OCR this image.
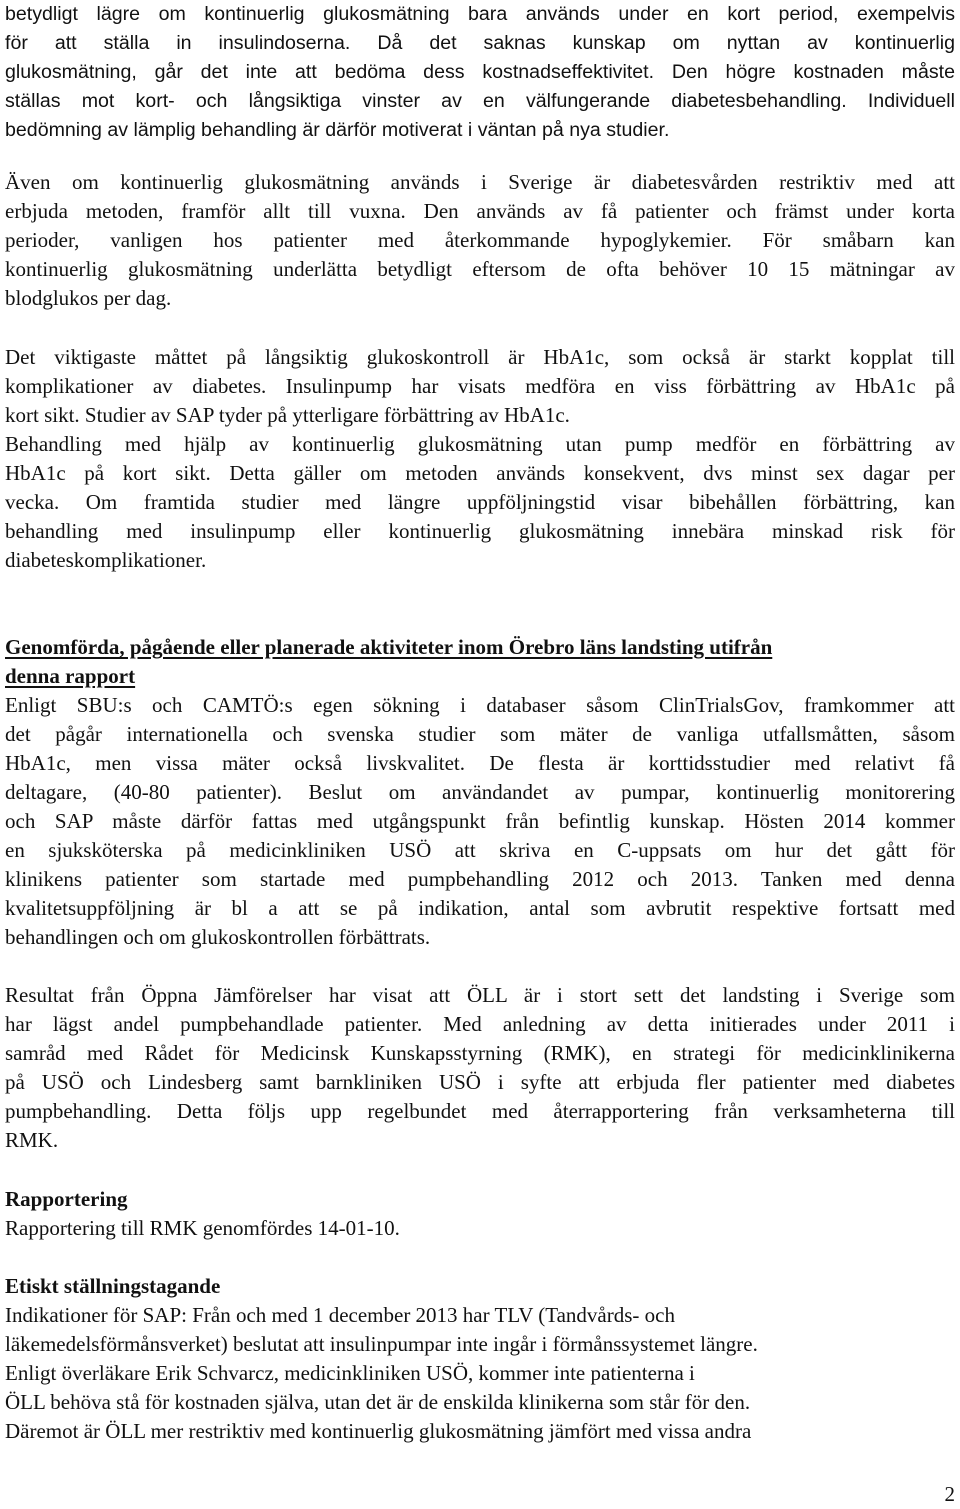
betydligt lägre om kontinuerlig glukosmätning bara används under en kort period, exempelvis
för att ställa in insulindoserna. Då det saknas kunskap om nyttan av kontinuerlig
glukosmätning, går det inte att bedöma dess kostnadseffektivitet. Den högre kostnaden måste
ställas mot kort- och långsiktiga vinster av en välfungerande diabetesbehandling. Individuell
bedömning av lämplig behandling är därför motiverat i väntan på nya studier.
Även om kontinuerlig glukosmätning används i Sverige är diabetesvården restriktiv med att
erbjuda metoden, framför allt till vuxna. Den används av få patienter och främst under korta
perioder, vanligen hos patienter med återkommande hypoglykemier. För småbarn kan
kontinuerlig glukosmätning underlätta betydligt eftersom de ofta behöver 10 15 mätningar av
blodglukos per dag.
Det viktigaste måttet på långsiktig glukoskontroll är HbA1c, som också är starkt kopplat till
komplikationer av diabetes. Insulinpump har visats medföra en viss förbättring av HbA1c på
kort sikt. Studier av SAP tyder på ytterligare förbättring av HbA1c.
Behandling med hjälp av kontinuerlig glukosmätning utan pump medför en förbättring av
HbA1c på kort sikt. Detta gäller om metoden används konsekvent, dvs minst sex dagar per
vecka. Om framtida studier med längre uppföljningstid visar bibehållen förbättring, kan
behandling med insulinpump eller kontinuerlig glukosmätning innebära minskad risk för
diabeteskomplikationer.
Genomförda, pågående eller planerade aktiviteter inom Örebro läns landsting utifrån
denna rapport
Enligt SBU:s och CAMTÖ:s egen sökning i databaser såsom ClinTrialsGov, framkommer att
det pågår internationella och svenska studier som mäter de vanliga utfallsmåtten, såsom
HbA1c, men vissa mäter också livskvalitet. De flesta är korttidsstudier med relativt få
deltagare, (40-80 patienter). Beslut om användandet av pumpar, kontinuerlig monitorering
och SAP måste därför fattas med utgångspunkt från befintlig kunskap. Hösten 2014 kommer
en sjuksköterska på medicinkliniken USÖ att skriva en C-uppsats om hur det gått för
klinikens patienter som startade med pumpbehandling 2012 och 2013. Tanken med denna
kvalitetsuppföljning är bl a att se på indikation, antal som avbrutit respektive fortsatt med
behandlingen och om glukoskontrollen förbättrats.
Resultat från Öppna Jämförelser har visat att ÖLL är i stort sett det landsting i Sverige som
har lägst andel pumpbehandlade patienter. Med anledning av detta initierades under 2011 i
samråd med Rådet för Medicinsk Kunskapsstyrning (RMK), en strategi för medicinklinikerna
på USÖ och Lindesberg samt barnkliniken USÖ i syfte att erbjuda fler patienter med diabetes
pumpbehandling. Detta följs upp regelbundet med återrapportering från verksamheterna till
RMK.
Rapportering
Rapportering till RMK genomfördes 14-01-10.
Etiskt ställningstagande
Indikationer för SAP: Från och med 1 december 2013 har TLV (Tandvårds- och
läkemedelsförmånsverket) beslutat att insulinpumpar inte ingår i förmånssystemet längre.
Enligt överläkare Erik Schvarcz, medicinkliniken USÖ, kommer inte patienterna i
ÖLL behöva stå för kostnaden själva, utan det är de enskilda klinikerna som står för den.
Däremot är ÖLL mer restriktiv med kontinuerlig glukosmätning jämfört med vissa andra
2
